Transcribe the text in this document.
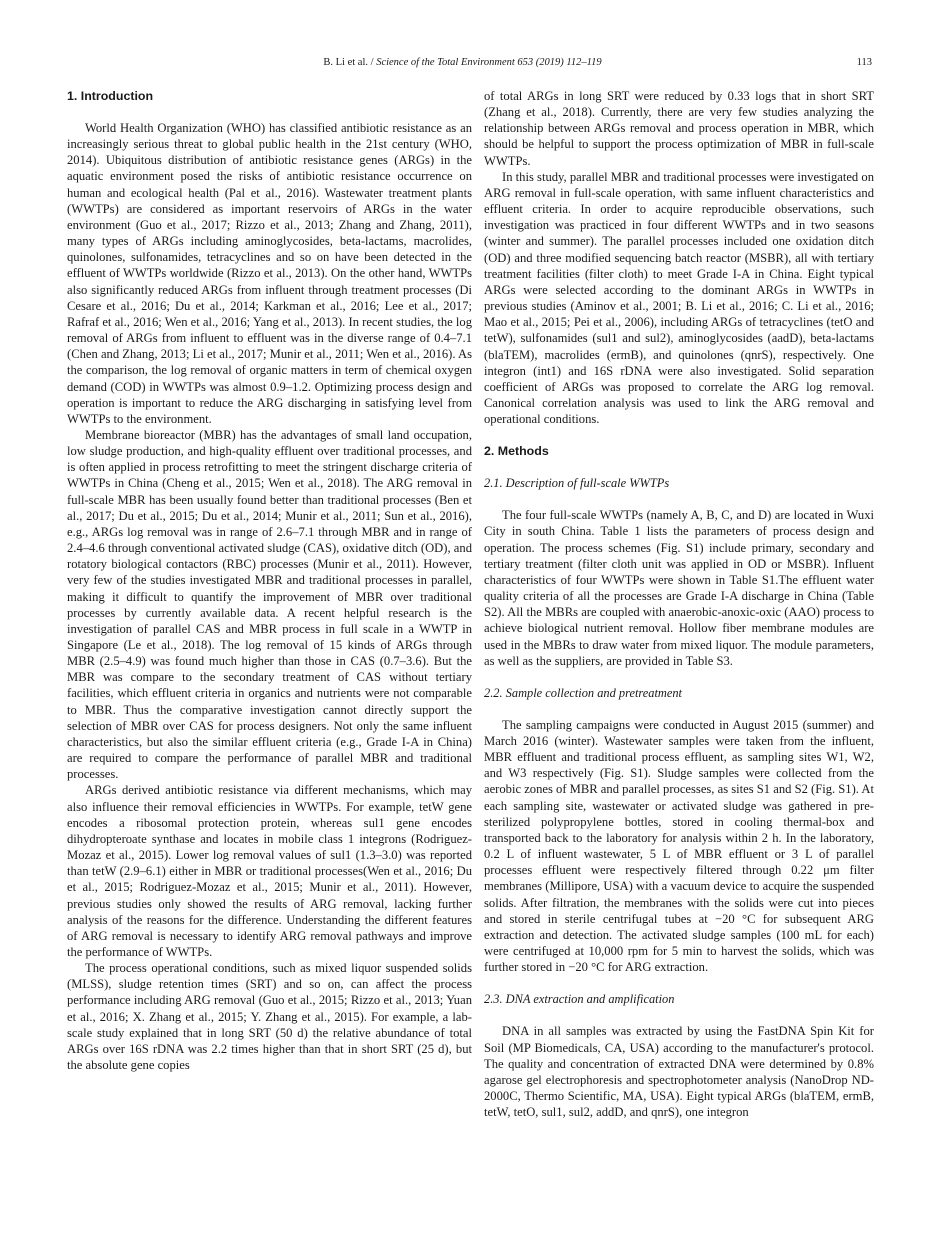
B. Li et al. / Science of the Total Environment 653 (2019) 112–119	113
1. Introduction

World Health Organization (WHO) has classified antibiotic resistance as an increasingly serious threat to global public health in the 21st century (WHO, 2014). Ubiquitous distribution of antibiotic resistance genes (ARGs) in the aquatic environment posed the risks of antibiotic resistance occurrence on human and ecological health (Pal et al., 2016). Wastewater treatment plants (WWTPs) are considered as important reservoirs of ARGs in the water environment (Guo et al., 2017; Rizzo et al., 2013; Zhang and Zhang, 2011), many types of ARGs including aminoglycosides, beta-lactams, macrolides, quinolones, sulfonamides, tetracyclines and so on have been detected in the effluent of WWTPs worldwide (Rizzo et al., 2013). On the other hand, WWTPs also significantly reduced ARGs from influent through treatment processes (Di Cesare et al., 2016; Du et al., 2014; Karkman et al., 2016; Lee et al., 2017; Rafraf et al., 2016; Wen et al., 2016; Yang et al., 2013). In recent studies, the log removal of ARGs from influent to effluent was in the diverse range of 0.4–7.1 (Chen and Zhang, 2013; Li et al., 2017; Munir et al., 2011; Wen et al., 2016). As the comparison, the log removal of organic matters in term of chemical oxygen demand (COD) in WWTPs was almost 0.9–1.2. Optimizing process design and operation is important to reduce the ARG discharging in satisfying level from WWTPs to the environment.

Membrane bioreactor (MBR) has the advantages of small land occupation, low sludge production, and high-quality effluent over traditional processes, and is often applied in process retrofitting to meet the stringent discharge criteria of WWTPs in China (Cheng et al., 2015; Wen et al., 2018). The ARG removal in full-scale MBR has been usually found better than traditional processes (Ben et al., 2017; Du et al., 2015; Du et al., 2014; Munir et al., 2011; Sun et al., 2016), e.g., ARGs log removal was in range of 2.6–7.1 through MBR and in range of 2.4–4.6 through conventional activated sludge (CAS), oxidative ditch (OD), and rotatory biological contactors (RBC) processes (Munir et al., 2011). However, very few of the studies investigated MBR and traditional processes in parallel, making it difficult to quantify the improvement of MBR over traditional processes by currently available data. A recent helpful research is the investigation of parallel CAS and MBR process in full scale in a WWTP in Singapore (Le et al., 2018). The log removal of 15 kinds of ARGs through MBR (2.5–4.9) was found much higher than those in CAS (0.7–3.6). But the MBR was compare to the secondary treatment of CAS without tertiary facilities, which effluent criteria in organics and nutrients were not comparable to MBR. Thus the comparative investigation cannot directly support the selection of MBR over CAS for process designers. Not only the same influent characteristics, but also the similar effluent criteria (e.g., Grade I-A in China) are required to compare the performance of parallel MBR and traditional processes.

ARGs derived antibiotic resistance via different mechanisms, which may also influence their removal efficiencies in WWTPs. For example, tetW gene encodes a ribosomal protection protein, whereas sul1 gene encodes dihydropteroate synthase and locates in mobile class 1 integrons (Rodriguez-Mozaz et al., 2015). Lower log removal values of sul1 (1.3–3.0) was reported than tetW (2.9–6.1) either in MBR or traditional processes(Wen et al., 2016; Du et al., 2015; Rodriguez-Mozaz et al., 2015; Munir et al., 2011). However, previous studies only showed the results of ARG removal, lacking further analysis of the reasons for the difference. Understanding the different features of ARG removal is necessary to identify ARG removal pathways and improve the performance of WWTPs.

The process operational conditions, such as mixed liquor suspended solids (MLSS), sludge retention times (SRT) and so on, can affect the process performance including ARG removal (Guo et al., 2015; Rizzo et al., 2013; Yuan et al., 2016; X. Zhang et al., 2015; Y. Zhang et al., 2015). For example, a lab-scale study explained that in long SRT (50 d) the relative abundance of total ARGs over 16S rDNA was 2.2 times higher than that in short SRT (25 d), but the absolute gene copies

of total ARGs in long SRT were reduced by 0.33 logs that in short SRT (Zhang et al., 2018). Currently, there are very few studies analyzing the relationship between ARGs removal and process operation in MBR, which should be helpful to support the process optimization of MBR in full-scale WWTPs.

In this study, parallel MBR and traditional processes were investigated on ARG removal in full-scale operation, with same influent characteristics and effluent criteria. In order to acquire reproducible observations, such investigation was practiced in four different WWTPs and in two seasons (winter and summer). The parallel processes included one oxidation ditch (OD) and three modified sequencing batch reactor (MSBR), all with tertiary treatment facilities (filter cloth) to meet Grade I-A in China. Eight typical ARGs were selected according to the dominant ARGs in WWTPs in previous studies (Aminov et al., 2001; B. Li et al., 2016; C. Li et al., 2016; Mao et al., 2015; Pei et al., 2006), including ARGs of tetracyclines (tetO and tetW), sulfonamides (sul1 and sul2), aminoglycosides (aadD), beta-lactams (blaTEM), macrolides (ermB), and quinolones (qnrS), respectively. One integron (int1) and 16S rDNA were also investigated. Solid separation coefficient of ARGs was proposed to correlate the ARG log removal. Canonical correlation analysis was used to link the ARG removal and operational conditions.

2. Methods
2.1. Description of full-scale WWTPs

The four full-scale WWTPs (namely A, B, C, and D) are located in Wuxi City in south China. Table 1 lists the parameters of process design and operation. The process schemes (Fig. S1) include primary, secondary and tertiary treatment (filter cloth unit was applied in OD or MSBR). Influent characteristics of four WWTPs were shown in Table S1.The effluent water quality criteria of all the processes are Grade I-A discharge in China (Table S2). All the MBRs are coupled with anaerobic-anoxic-oxic (AAO) process to achieve biological nutrient removal. Hollow fiber membrane modules are used in the MBRs to draw water from mixed liquor. The module parameters, as well as the suppliers, are provided in Table S3.

2.2. Sample collection and pretreatment

The sampling campaigns were conducted in August 2015 (summer) and March 2016 (winter). Wastewater samples were taken from the influent, MBR effluent and traditional process effluent, as sampling sites W1, W2, and W3 respectively (Fig. S1). Sludge samples were collected from the aerobic zones of MBR and parallel processes, as sites S1 and S2 (Fig. S1). At each sampling site, wastewater or activated sludge was gathered in pre-sterilized polypropylene bottles, stored in cooling thermal-box and transported back to the laboratory for analysis within 2 h. In the laboratory, 0.2 L of influent wastewater, 5 L of MBR effluent or 3 L of parallel processes effluent were respectively filtered through 0.22 μm filter membranes (Millipore, USA) with a vacuum device to acquire the suspended solids. After filtration, the membranes with the solids were cut into pieces and stored in sterile centrifugal tubes at −20 °C for subsequent ARG extraction and detection. The activated sludge samples (100 mL for each) were centrifuged at 10,000 rpm for 5 min to harvest the solids, which was further stored in −20 °C for ARG extraction.

2.3. DNA extraction and amplification

DNA in all samples was extracted by using the FastDNA Spin Kit for Soil (MP Biomedicals, CA, USA) according to the manufacturer's protocol. The quality and concentration of extracted DNA were determined by 0.8% agarose gel electrophoresis and spectrophotometer analysis (NanoDrop ND-2000C, Thermo Scientific, MA, USA). Eight typical ARGs (blaTEM, ermB, tetW, tetO, sul1, sul2, addD, and qnrS), one integron
